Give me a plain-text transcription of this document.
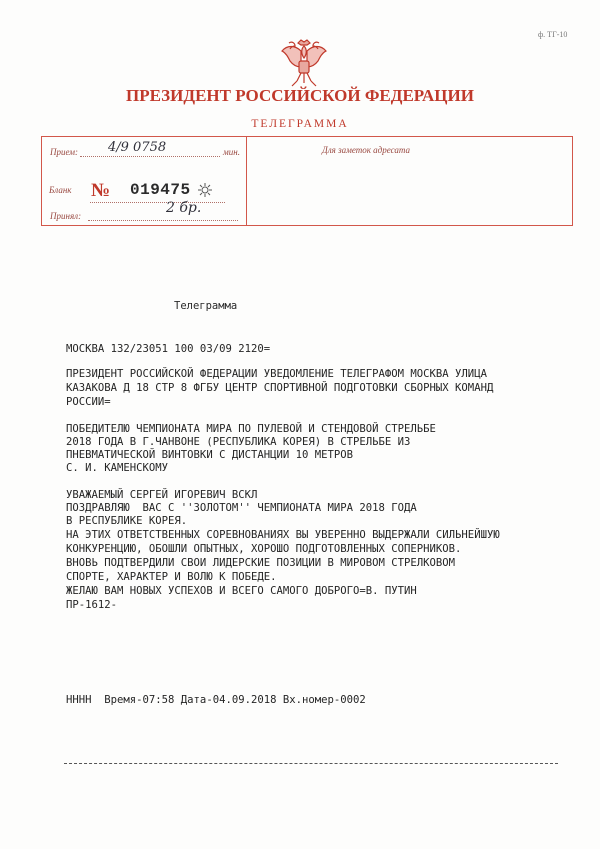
ф. ТГ-10
ПРЕЗИДЕНТ РОССИЙСКОЙ ФЕДЕРАЦИИ
ТЕЛЕГРАММА
Для заметок адресата
Прием: 4/9 0758	мин.
Бланк № 019475
Принял:	2 бр.
Телеграмма
МОСКВА 132/23051 100 03/09 2120=
ПРЕЗИДЕНТ РОССИЙСКОЙ ФЕДЕРАЦИИ УВЕДОМЛЕНИЕ ТЕЛЕГРАФОМ МОСКВА УЛИЦА
КАЗАКОВА Д 18 СТР 8 ФГБУ ЦЕНТР СПОРТИВНОЙ ПОДГОТОВКИ СБОРНЫХ КОМАНД
РОССИИ=
ПОБЕДИТЕЛЮ ЧЕМПИОНАТА МИРА ПО ПУЛЕВОЙ И СТЕНДОВОЙ СТРЕЛЬБЕ
2018 ГОДА В Г.ЧАНВОНЕ (РЕСПУБЛИКА КОРЕЯ) В СТРЕЛЬБЕ ИЗ
ПНЕВМАТИЧЕСКОЙ ВИНТОВКИ С ДИСТАНЦИИ 10 МЕТРОВ
С. И. КАМЕНСКОМУ
УВАЖАЕМЫЙ СЕРГЕЙ ИГОРЕВИЧ ВСКЛ
ПОЗДРАВЛЯЮ  ВАС С ''ЗОЛОТОМ'' ЧЕМПИОНАТА МИРА 2018 ГОДА
В РЕСПУБЛИКЕ КОРЕЯ.
НА ЭТИХ ОТВЕТСТВЕННЫХ СОРЕВНОВАНИЯХ ВЫ УВЕРЕННО ВЫДЕРЖАЛИ СИЛЬНЕЙШУЮ
КОНКУРЕНЦИЮ, ОБОШЛИ ОПЫТНЫХ, ХОРОШО ПОДГОТОВЛЕННЫХ СОПЕРНИКОВ.
ВНОВЬ ПОДТВЕРДИЛИ СВОИ ЛИДЕРСКИЕ ПОЗИЦИИ В МИРОВОМ СТРЕЛКОВОМ
СПОРТЕ, ХАРАКТЕР И ВОЛЮ К ПОБЕДЕ.
ЖЕЛАЮ ВАМ НОВЫХ УСПЕХОВ И ВСЕГО САМОГО ДОБРОГО=В. ПУТИН
ПР-1612-
НННН  Время-07:58 Дата-04.09.2018 Вх.номер-0002
